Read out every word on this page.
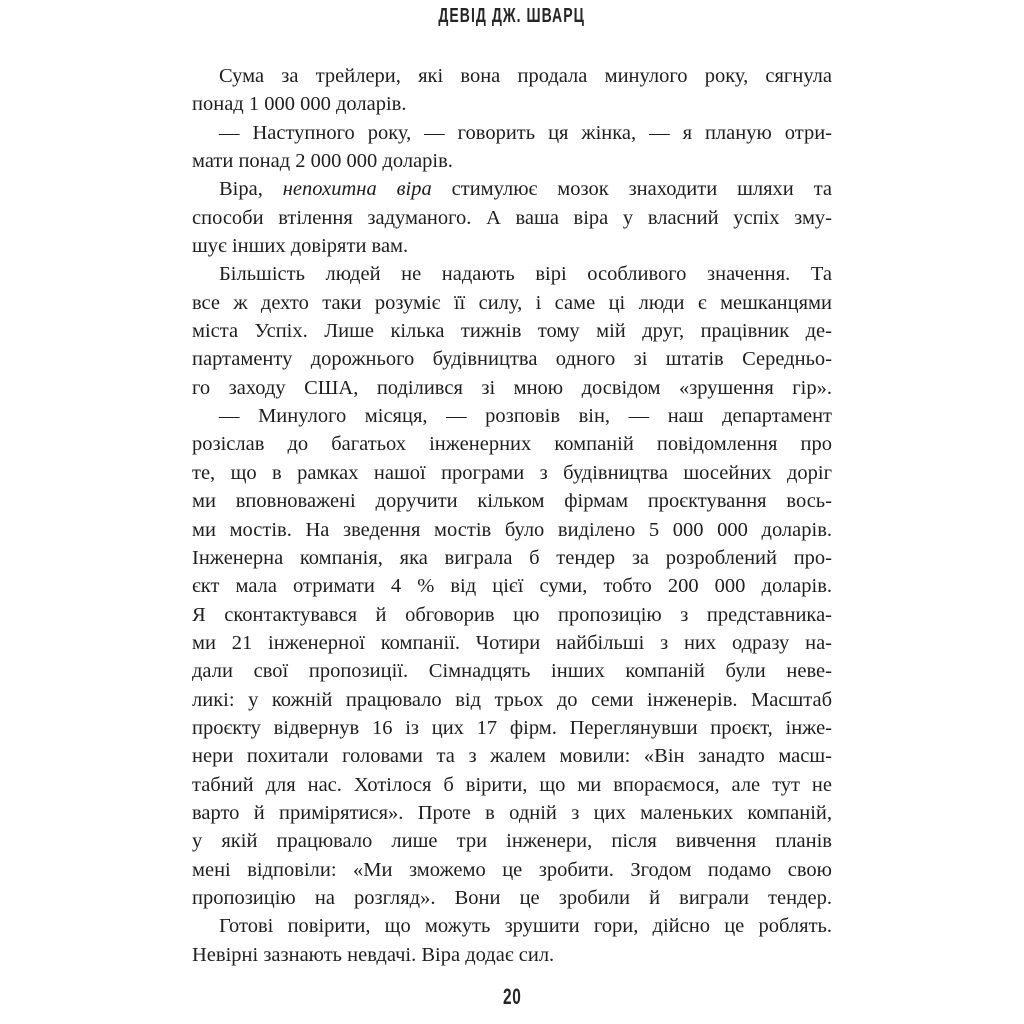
ДЕВІД ДЖ. ШВАРЦ
Сума за трейлери, які вона продала минулого року, сягнула
понад 1 000 000 доларів.
— Наступного року, — говорить ця жінка, — я планую отри-
мати понад 2 000 000 доларів.
Віра, непохитна віра стимулює мозок знаходити шляхи та
способи втілення задуманого. А ваша віра у власний успіх зму-
шує інших довіряти вам.
Більшість людей не надають вірі особливого значення. Та
все ж дехто таки розуміє її силу, і саме ці люди є мешканцями
міста Успіх. Лише кілька тижнів тому мій друг, працівник де-
партаменту дорожнього будівництва одного зі штатів Середньо-
го заходу США, поділився зі мною досвідом «зрушення гір».
— Минулого місяця, — розповів він, — наш департамент
розіслав до багатьох інженерних компаній повідомлення про
те, що в рамках нашої програми з будівництва шосейних доріг
ми вповноважені доручити кільком фірмам проєктування вось-
ми мостів. На зведення мостів було виділено 5 000 000 доларів.
Інженерна компанія, яка виграла б тендер за розроблений про-
єкт мала отримати 4 % від цієї суми, тобто 200 000 доларів.
Я сконтактувався й обговорив цю пропозицію з представника-
ми 21 інженерної компанії. Чотири найбільші з них одразу на-
дали свої пропозиції. Сімнадцять інших компаній були неве-
ликі: у кожній працювало від трьох до семи інженерів. Масштаб
проєкту відвернув 16 із цих 17 фірм. Переглянувши проєкт, інже-
нери похитали головами та з жалем мовили: «Він занадто масш-
табний для нас. Хотілося б вірити, що ми впораємося, але тут не
варто й примірятися». Проте в одній з цих маленьких компаній,
у якій працювало лише три інженери, після вивчення планів
мені відповіли: «Ми зможемо це зробити. Згодом подамо свою
пропозицію на розгляд». Вони це зробили й виграли тендер.
Готові повірити, що можуть зрушити гори, дійсно це роблять.
Невірні зазнають невдачі. Віра додає сил.
20
